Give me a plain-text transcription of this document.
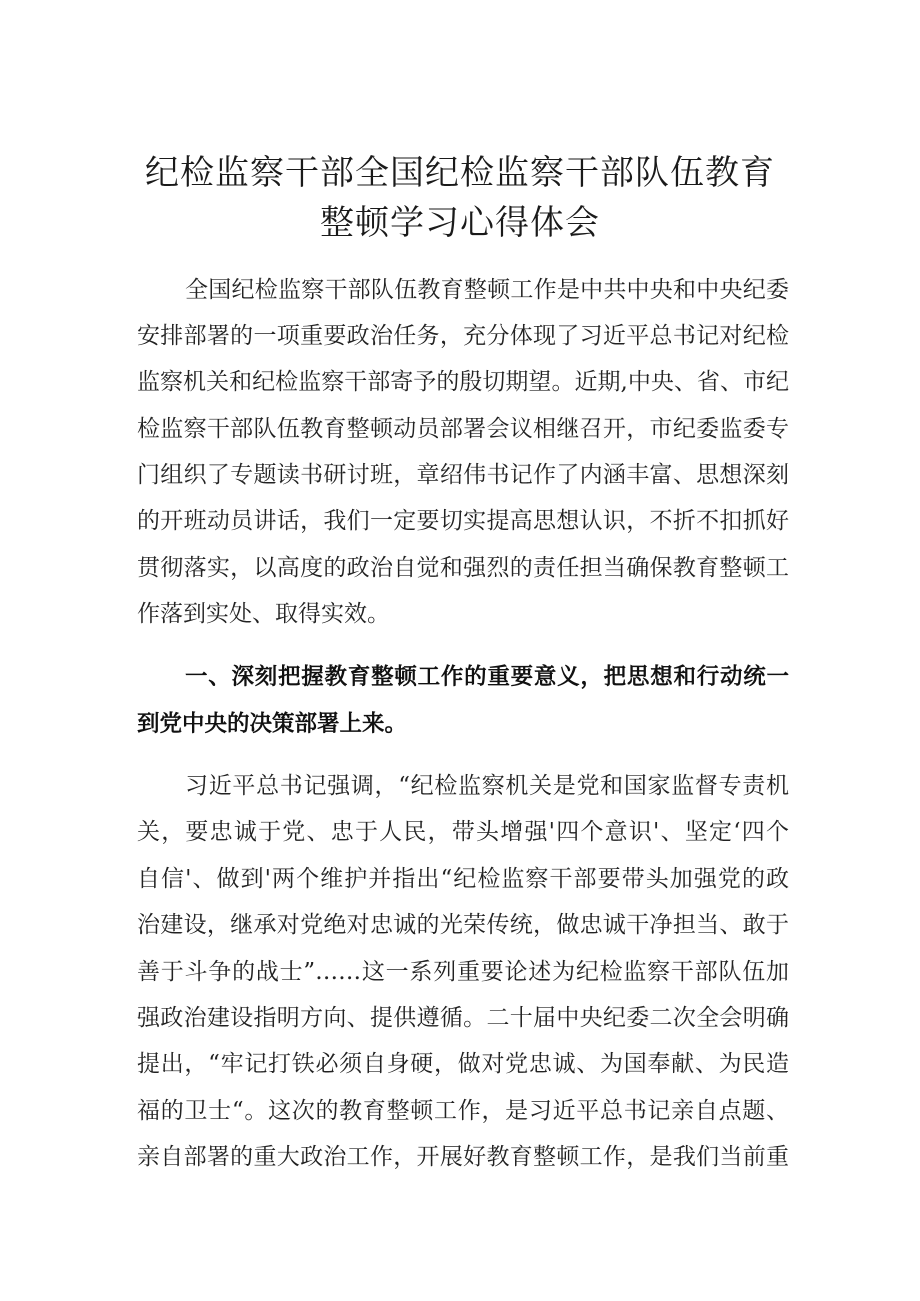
纪检监察干部全国纪检监察干部队伍教育
整顿学习心得体会
全国纪检监察干部队伍教育整顿工作是中共中央和中央纪委
安排部署的一项重要政治任务，充分体现了习近平总书记对纪检
监察机关和纪检监察干部寄予的殷切期望。近期,中央、省、市纪
检监察干部队伍教育整顿动员部署会议相继召开，市纪委监委专
门组织了专题读书研讨班，章绍伟书记作了内涵丰富、思想深刻
的开班动员讲话，我们一定要切实提高思想认识，不折不扣抓好
贯彻落实，以高度的政治自觉和强烈的责任担当确保教育整顿工
作落到实处、取得实效。
一、深刻把握教育整顿工作的重要意义，把思想和行动统一
到党中央的决策部署上来。
习近平总书记强调，“纪检监察机关是党和国家监督专责机
关，要忠诚于党、忠于人民，带头增强'四个意识'、坚定‘四个
自信'、做到'两个维护并指出“纪检监察干部要带头加强党的政
治建设，继承对党绝对忠诚的光荣传统，做忠诚干净担当、敢于
善于斗争的战士”……这一系列重要论述为纪检监察干部队伍加
强政治建设指明方向、提供遵循。二十届中央纪委二次全会明确
提出，“牢记打铁必须自身硬，做对党忠诚、为国奉献、为民造
福的卫士“。这次的教育整顿工作，是习近平总书记亲自点题、
亲自部署的重大政治工作，开展好教育整顿工作，是我们当前重
